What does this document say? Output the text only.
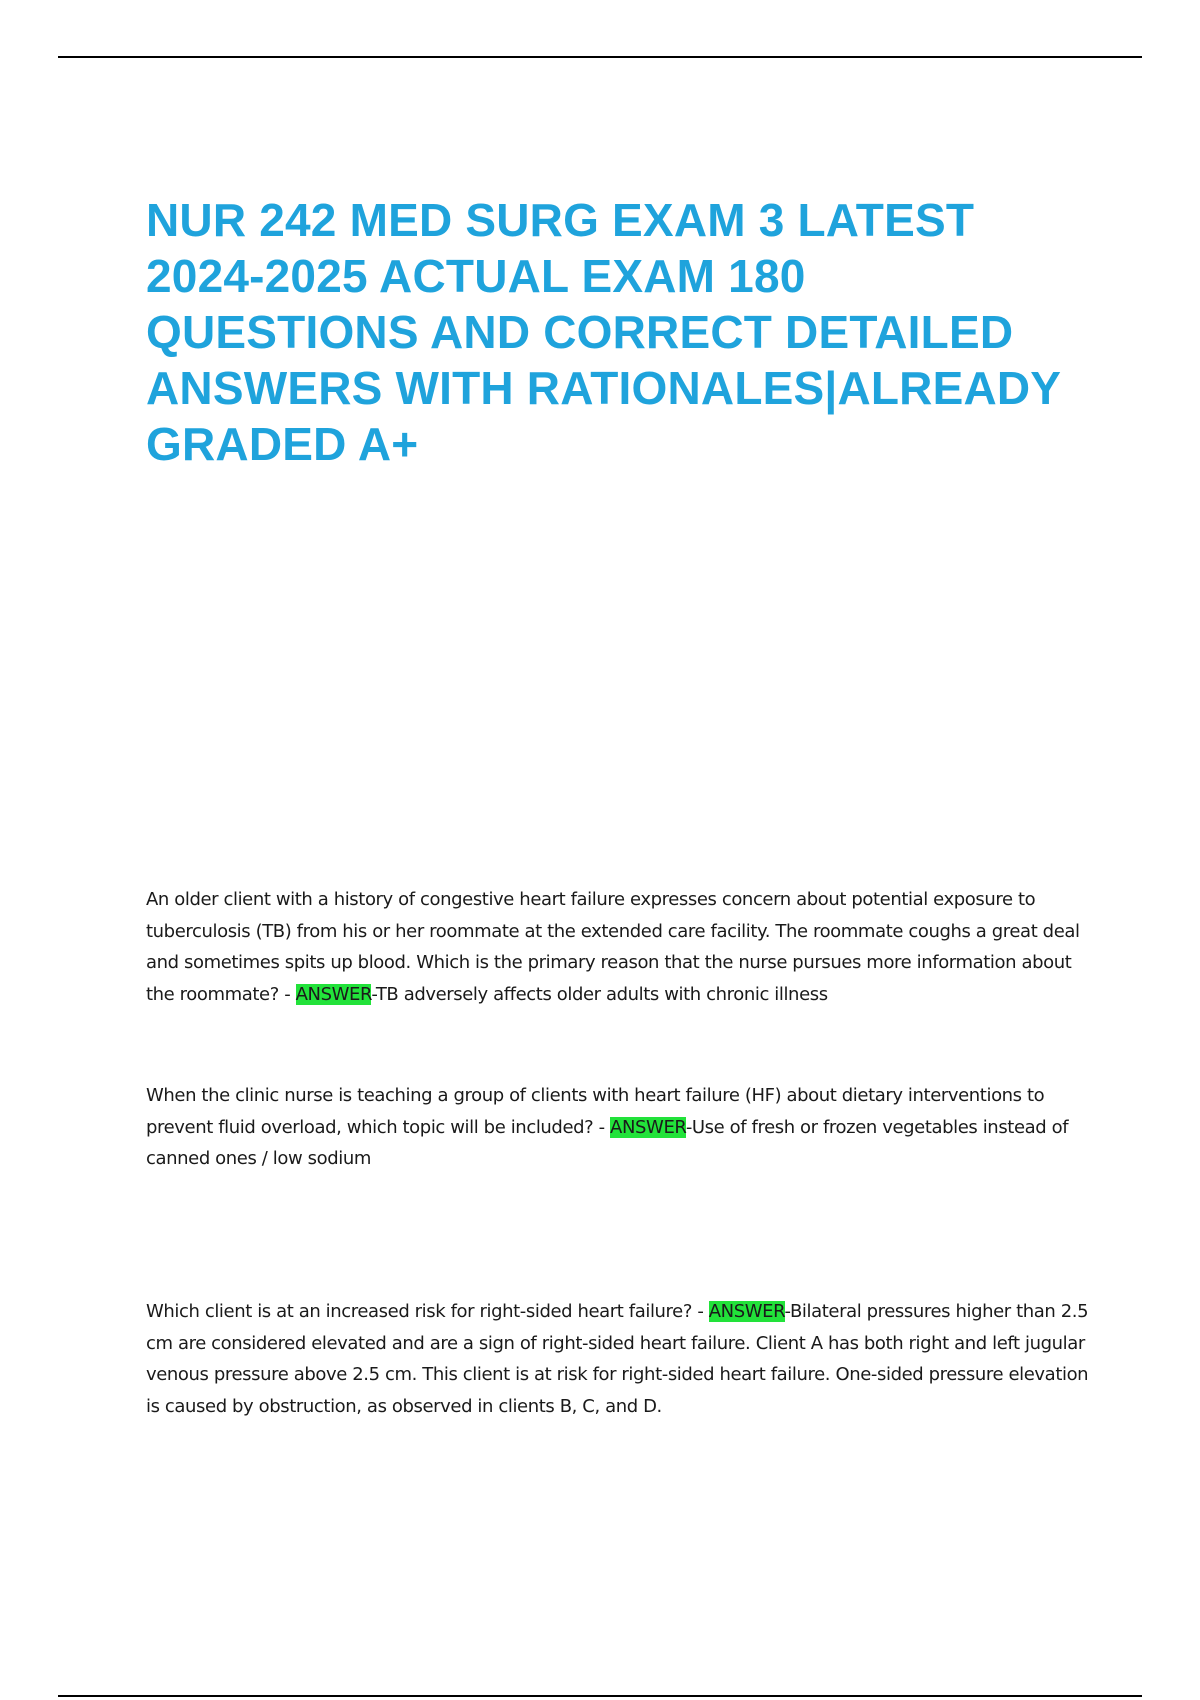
NUR 242 MED SURG EXAM 3 LATEST 2024-2025 ACTUAL EXAM 180 QUESTIONS AND CORRECT DETAILED ANSWERS WITH RATIONALES|ALREADY GRADED A+

An older client with a history of congestive heart failure expresses concern about potential exposure to tuberculosis (TB) from his or her roommate at the extended care facility. The roommate coughs a great deal and sometimes spits up blood. Which is the primary reason that the nurse pursues more information about the roommate? - ANSWER-TB adversely affects older adults with chronic illness

When the clinic nurse is teaching a group of clients with heart failure (HF) about dietary interventions to prevent fluid overload, which topic will be included? - ANSWER-Use of fresh or frozen vegetables instead of canned ones / low sodium

Which client is at an increased risk for right-sided heart failure? - ANSWER-Bilateral pressures higher than 2.5 cm are considered elevated and are a sign of right-sided heart failure. Client A has both right and left jugular venous pressure above 2.5 cm. This client is at risk for right-sided heart failure. One-sided pressure elevation is caused by obstruction, as observed in clients B, C, and D.
